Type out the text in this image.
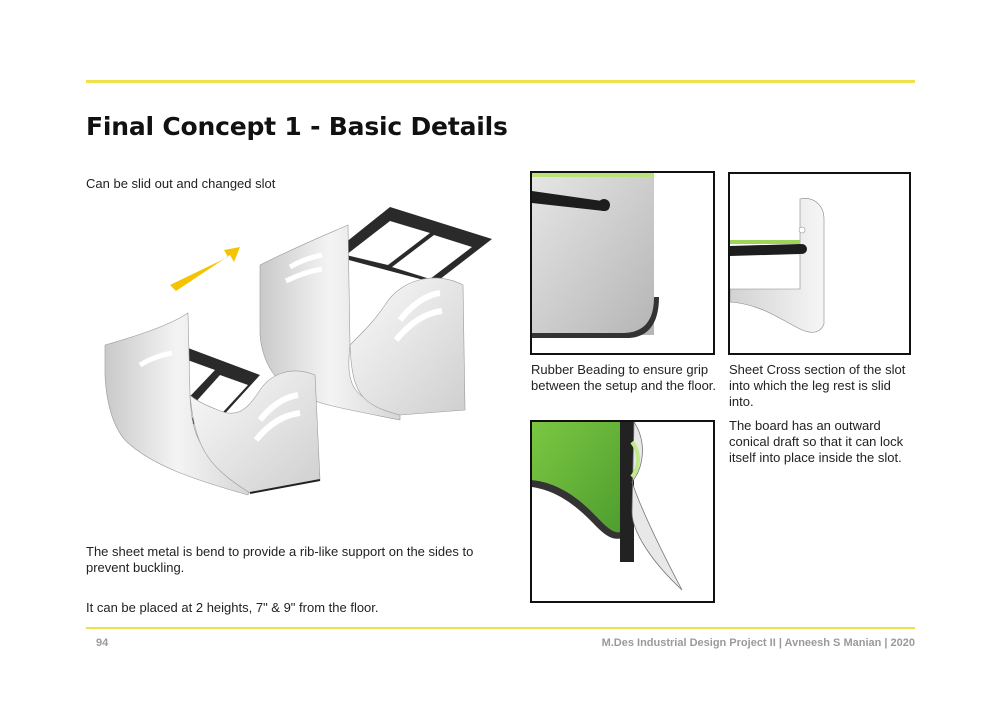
Final Concept 1 - Basic Details

Can be slid out and changed slot

The sheet metal is bend to provide a rib-like support on the sides to prevent buckling.

It can be placed at 2 heights, 7" & 9" from the floor.

Rubber Beading to ensure grip between the setup and the floor.

Sheet Cross section of the slot into which the leg rest is slid into.

The board has an outward conical draft so that it can lock itself into place inside the slot.

94	M.Des Industrial Design Project II | Avneesh S Manian | 2020
